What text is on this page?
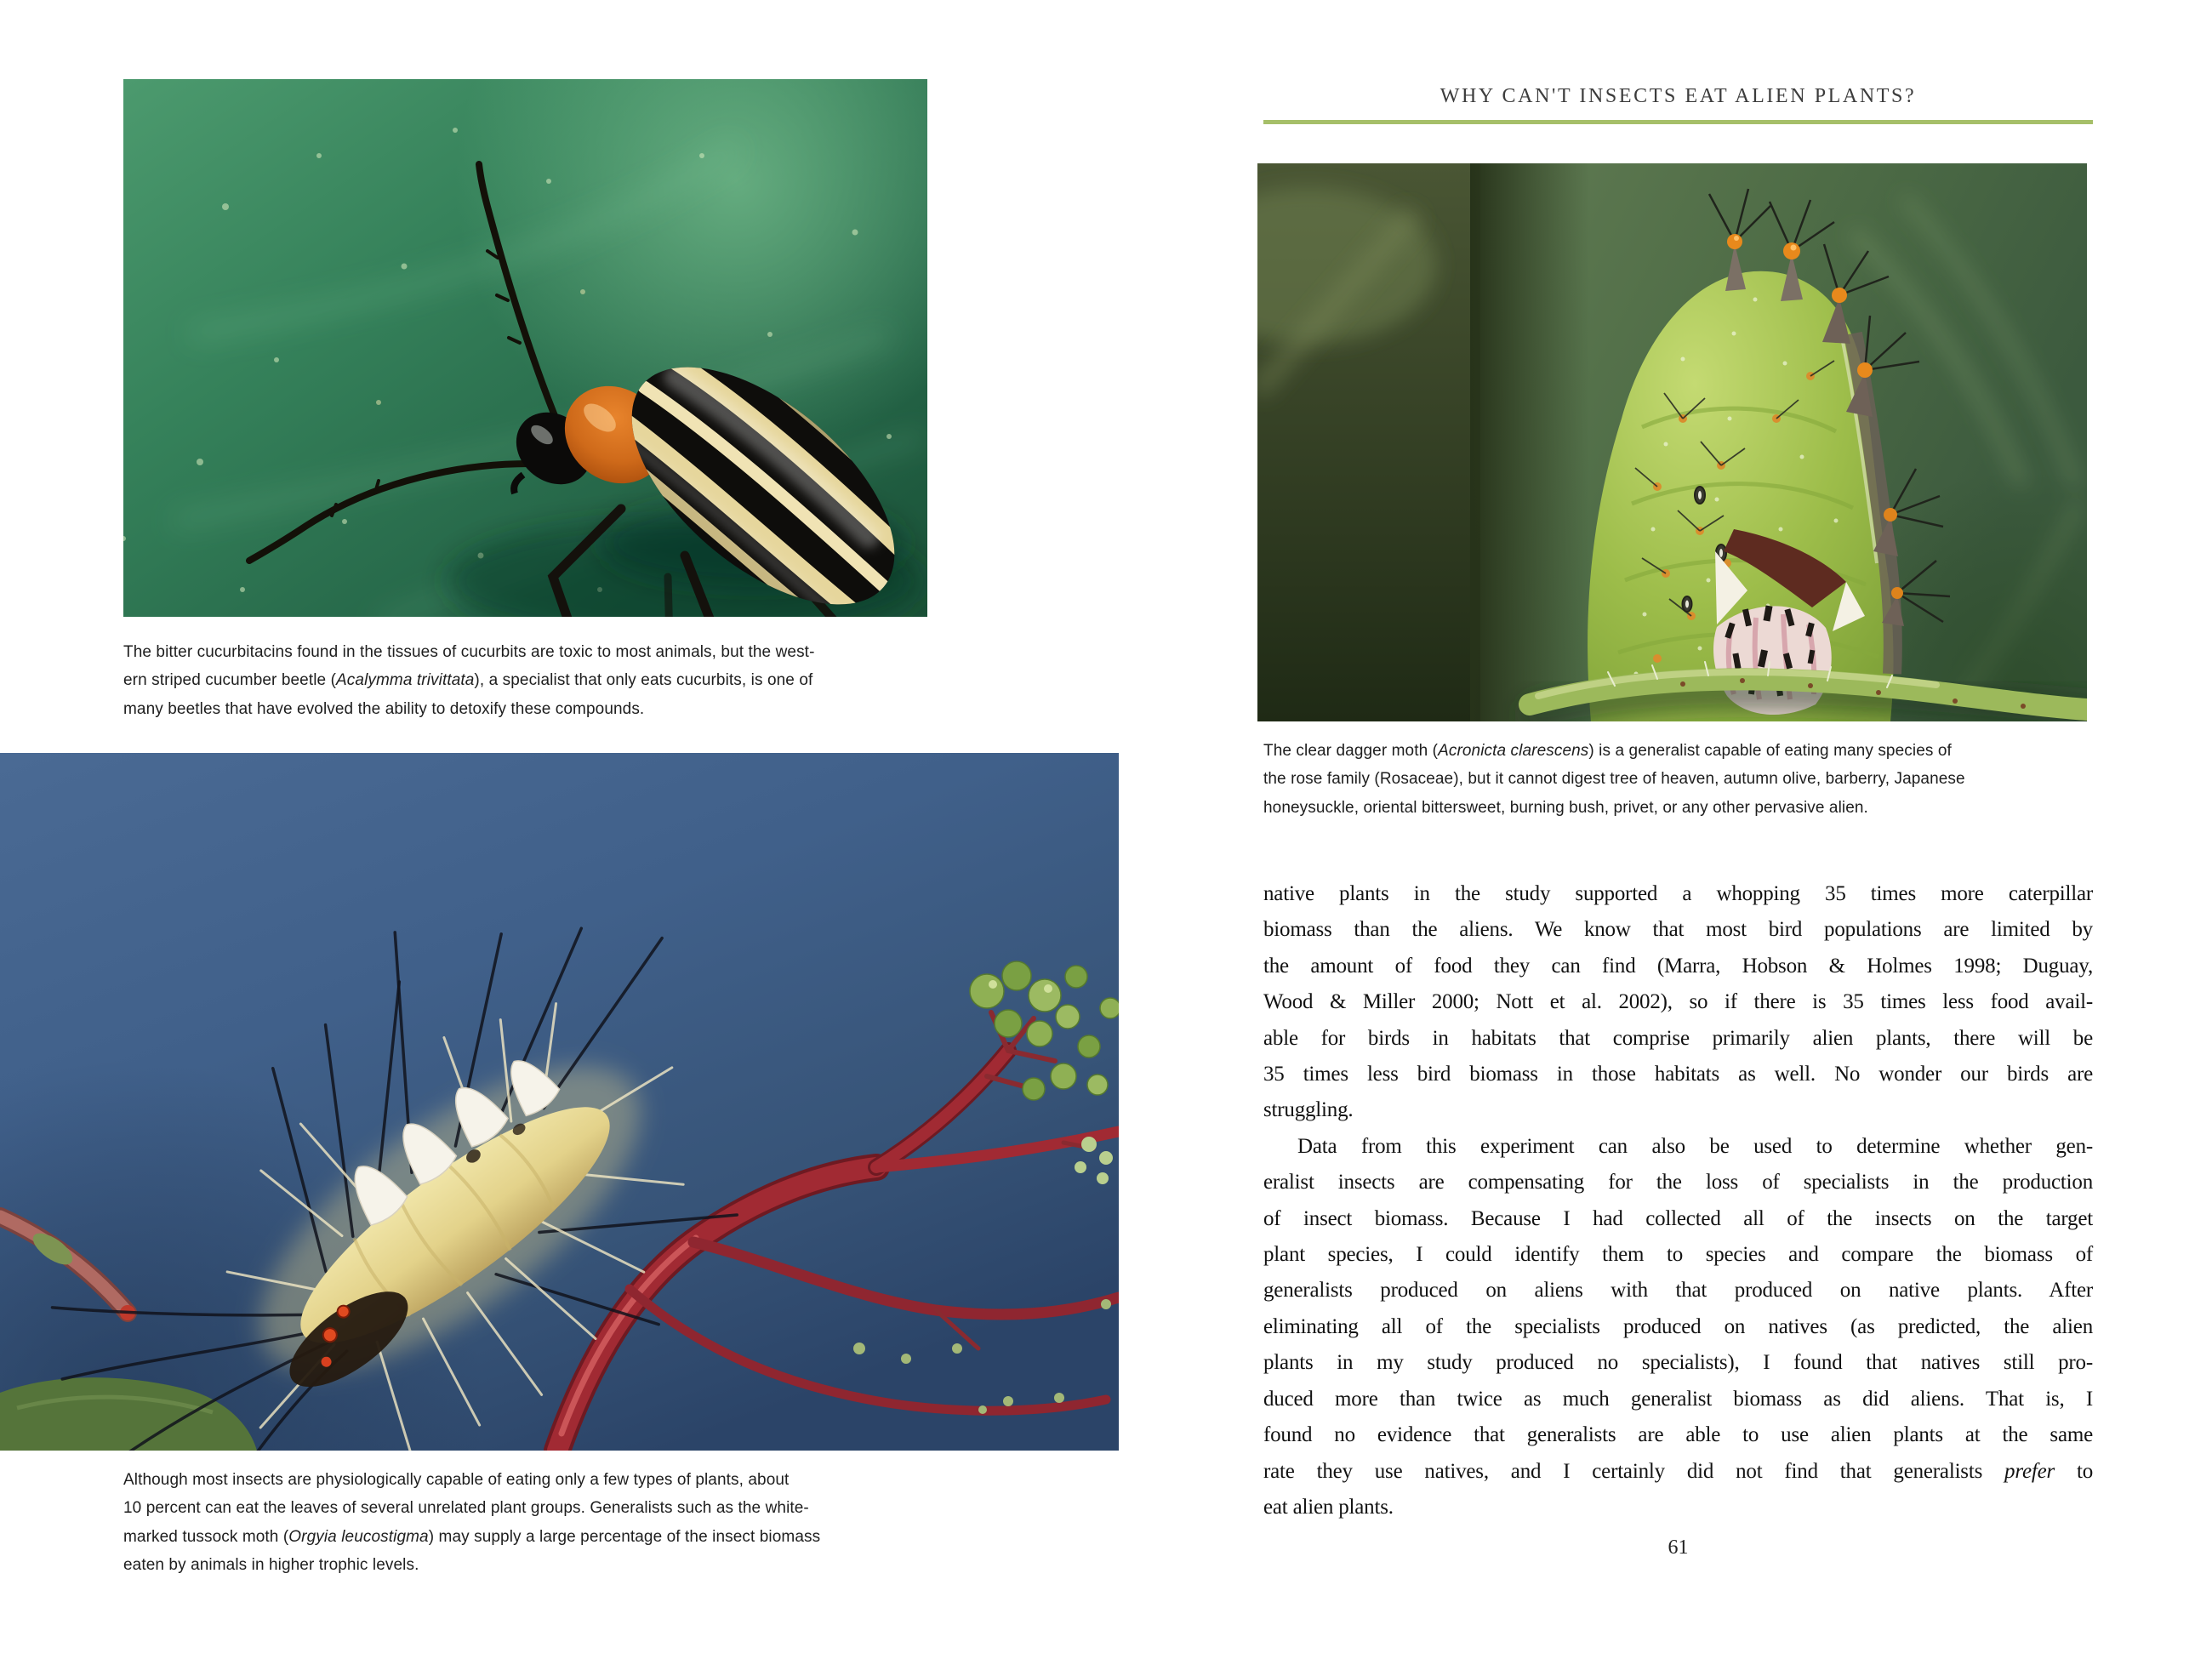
The bitter cucurbitacins found in the tissues of cucurbits are toxic to most animals, but the west-
ern striped cucumber beetle (Acalymma trivittata), a specialist that only eats cucurbits, is one of
many beetles that have evolved the ability to detoxify these compounds.
Although most insects are physiologically capable of eating only a few types of plants, about
10 percent can eat the leaves of several unrelated plant groups. Generalists such as the white-
marked tussock moth (Orgyia leucostigma) may supply a large percentage of the insect biomass
eaten by animals in higher trophic levels.
WHY CAN'T INSECTS EAT ALIEN PLANTS?
The clear dagger moth (Acronicta clarescens) is a generalist capable of eating many species of
the rose family (Rosaceae), but it cannot digest tree of heaven, autumn olive, barberry, Japanese
honeysuckle, oriental bittersweet, burning bush, privet, or any other pervasive alien.
native plants in the study supported a whopping 35 times more caterpillar
biomass than the aliens. We know that most bird populations are limited by
the amount of food they can find (Marra, Hobson & Holmes 1998; Duguay,
Wood & Miller 2000; Nott et al. 2002), so if there is 35 times less food avail-
able for birds in habitats that comprise primarily alien plants, there will be
35 times less bird biomass in those habitats as well. No wonder our birds are
struggling.
Data from this experiment can also be used to determine whether gen-
eralist insects are compensating for the loss of specialists in the production
of insect biomass. Because I had collected all of the insects on the target
plant species, I could identify them to species and compare the biomass of
generalists produced on aliens with that produced on native plants. After
eliminating all of the specialists produced on natives (as predicted, the alien
plants in my study produced no specialists), I found that natives still pro-
duced more than twice as much generalist biomass as did aliens. That is, I
found no evidence that generalists are able to use alien plants at the same
rate they use natives, and I certainly did not find that generalists prefer to
eat alien plants.
61
